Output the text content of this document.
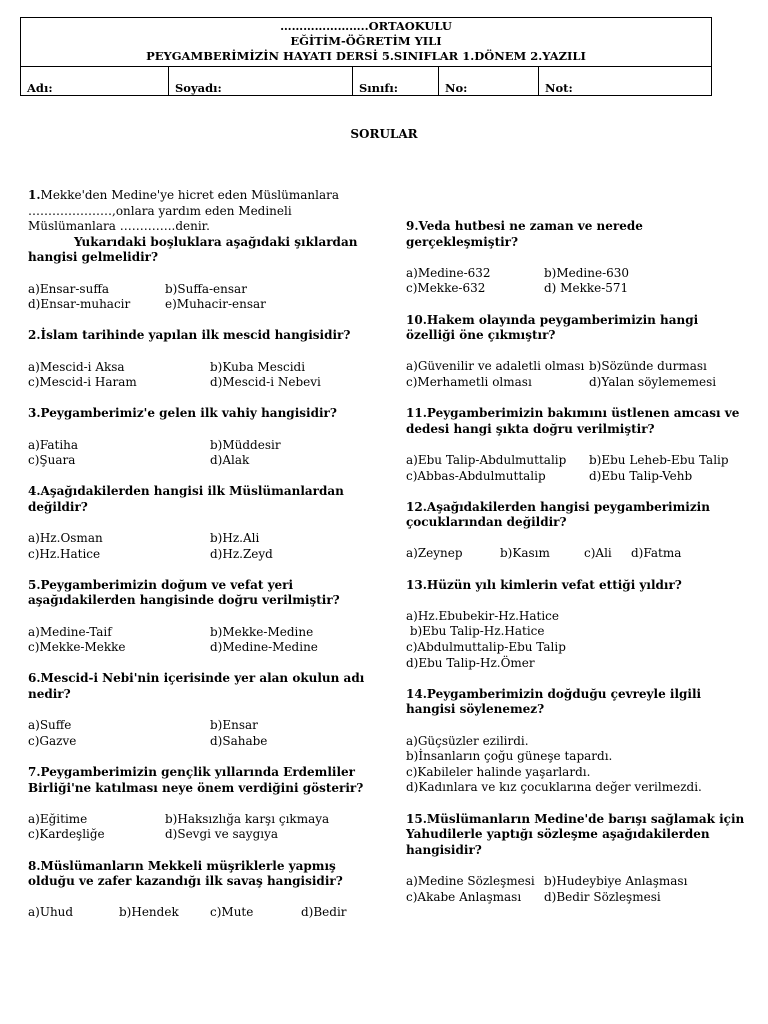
…………………..ORTAOKULU
EĞİTİM-ÖĞRETİM YILI
PEYGAMBERİMİZİN HAYATI DERSİ 5.SINIFLAR 1.DÖNEM 2.YAZILI
Adı:	Soyadı:	Sınıfı:	No:	Not:
SORULAR
1.Mekke'den Medine'ye hicret eden Müslümanlara
…………………,onlara yardım eden Medineli
Müslümanlara …………..denir.
Yukarıdaki boşluklara aşağıdaki şıklardan
hangisi gelmelidir?
a)Ensar-suffa	b)Suffa-ensar
d)Ensar-muhacir	e)Muhacir-ensar
2.İslam tarihinde yapılan ilk mescid hangisidir?
a)Mescid-i Aksa	b)Kuba Mescidi
c)Mescid-i Haram	d)Mescid-i Nebevi
3.Peygamberimiz'e gelen ilk vahiy hangisidir?
a)Fatiha	b)Müddesir
c)Şuara	d)Alak
4.Aşağıdakilerden hangisi ilk Müslümanlardan
değildir?
a)Hz.Osman	b)Hz.Ali
c)Hz.Hatice	d)Hz.Zeyd
5.Peygamberimizin doğum ve vefat yeri
aşağıdakilerden hangisinde doğru verilmiştir?
a)Medine-Taif	b)Mekke-Medine
c)Mekke-Mekke	d)Medine-Medine
6.Mescid-i Nebi'nin içerisinde yer alan okulun adı
nedir?
a)Suffe	b)Ensar
c)Gazve	d)Sahabe
7.Peygamberimizin gençlik yıllarında Erdemliler
Birliği'ne katılması neye önem verdiğini gösterir?
a)Eğitime	b)Haksızlığa karşı çıkmaya
c)Kardeşliğe	d)Sevgi ve saygıya
8.Müslümanların Mekkeli müşriklerle yapmış
olduğu ve zafer kazandığı ilk savaş hangisidir?
a)Uhud	b)Hendek	c)Mute	d)Bedir
9.Veda hutbesi ne zaman ve nerede
gerçekleşmiştir?
a)Medine-632	b)Medine-630
c)Mekke-632	d) Mekke-571
10.Hakem olayında peygamberimizin hangi
özelliği öne çıkmıştır?
a)Güvenilir ve adaletli olması b)Sözünde durması
c)Merhametli olması	d)Yalan söylememesi
11.Peygamberimizin bakımını üstlenen amcası ve
dedesi hangi şıkta doğru verilmiştir?
a)Ebu Talip-Abdulmuttalip	b)Ebu Leheb-Ebu Talip
c)Abbas-Abdulmuttalip	d)Ebu Talip-Vehb
12.Aşağıdakilerden hangisi peygamberimizin
çocuklarından değildir?
a)Zeynep	b)Kasım	c)Ali	d)Fatma
13.Hüzün yılı kimlerin vefat ettiği yıldır?
a)Hz.Ebubekir-Hz.Hatice
b)Ebu Talip-Hz.Hatice
c)Abdulmuttalip-Ebu Talip
d)Ebu Talip-Hz.Ömer
14.Peygamberimizin doğduğu çevreyle ilgili
hangisi söylenemez?
a)Güçsüzler ezilirdi.
b)İnsanların çoğu güneşe tapardı.
c)Kabileler halinde yaşarlardı.
d)Kadınlara ve kız çocuklarına değer verilmezdi.
15.Müslümanların Medine'de barışı sağlamak için
Yahudilerle yaptığı sözleşme aşağıdakilerden
hangisidir?
a)Medine Sözleşmesi b)Hudeybiye Anlaşması
c)Akabe Anlaşması	d)Bedir Sözleşmesi
